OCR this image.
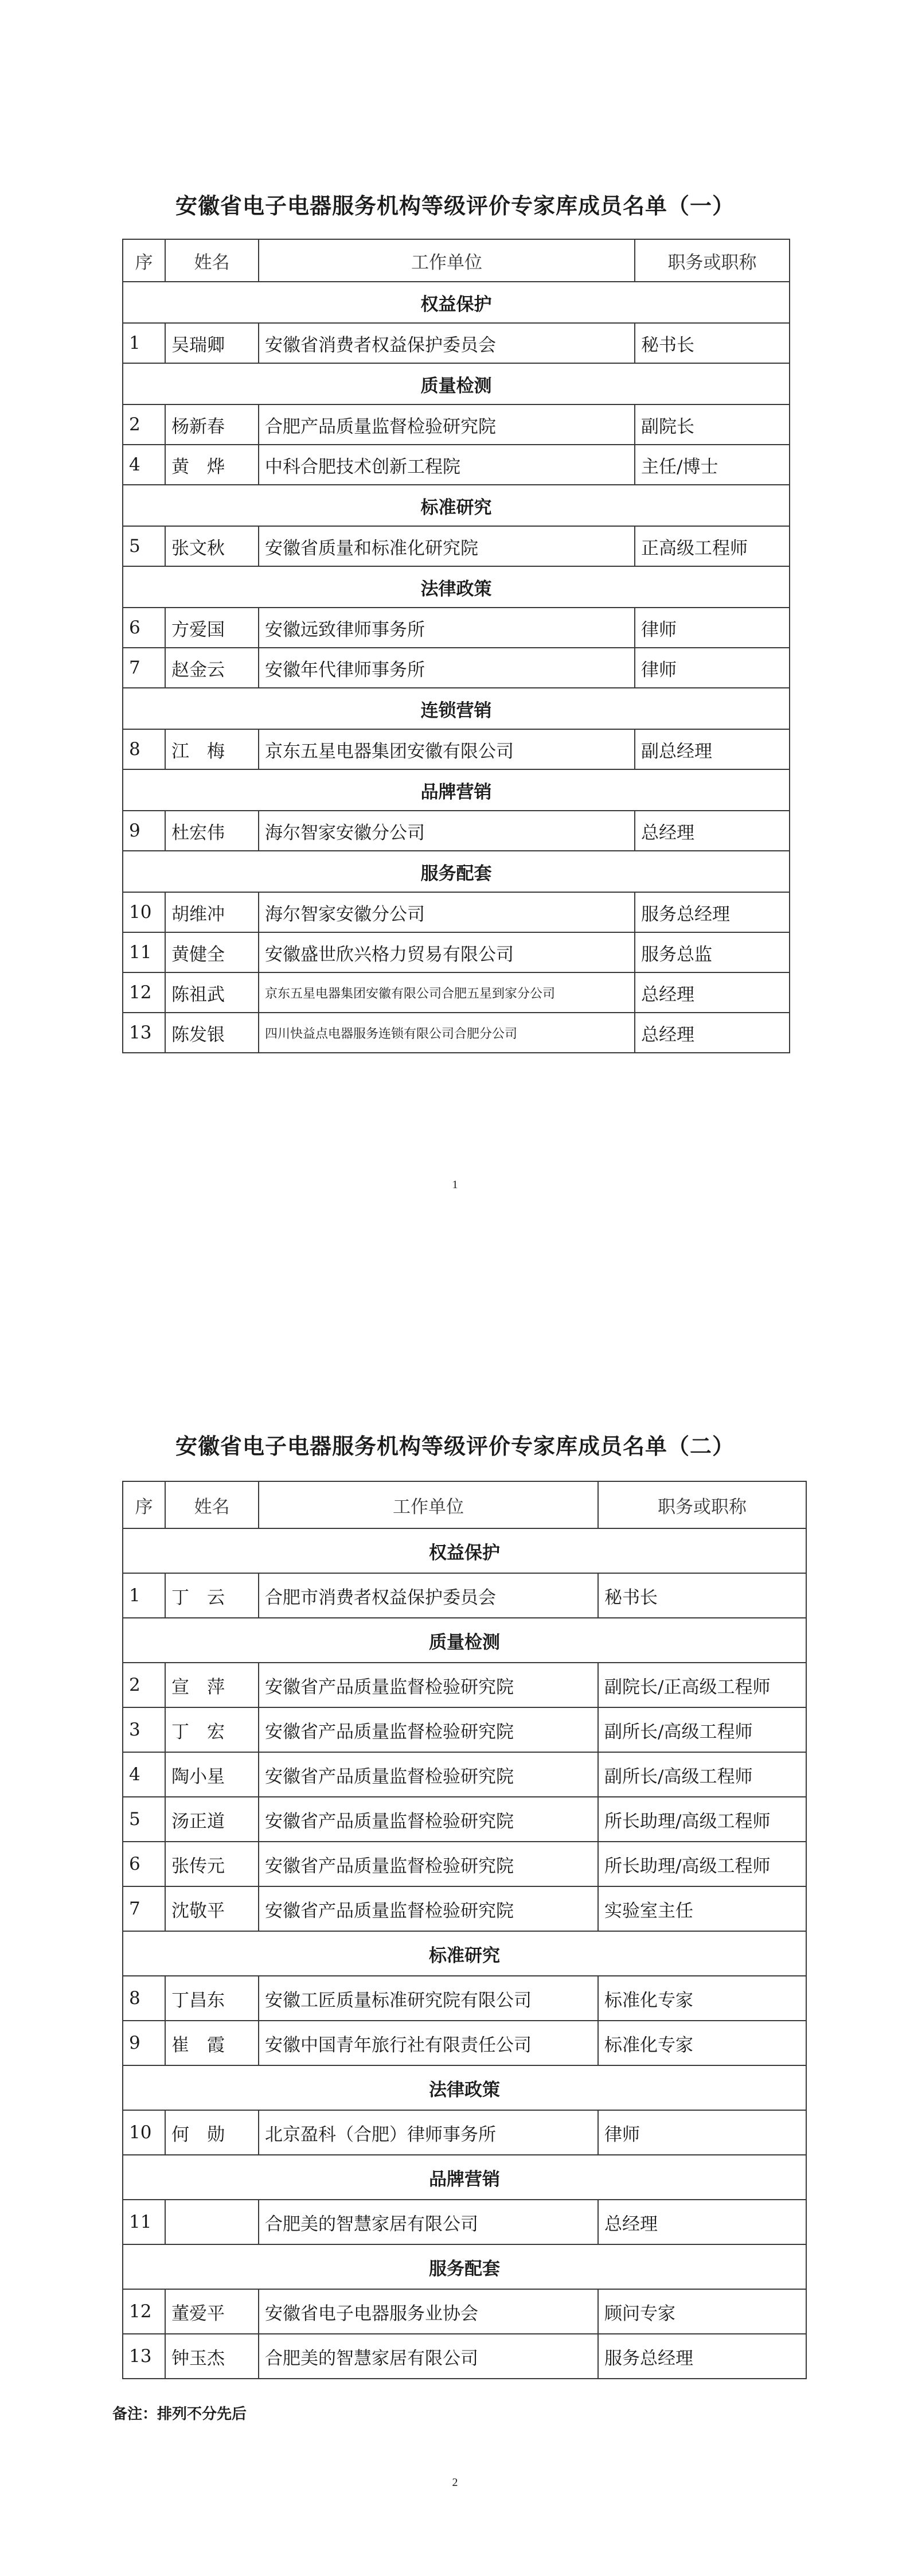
安徽省电子电器服务机构等级评价专家库成员名单（一）
序	姓名	工作单位	职务或职称
权益保护			
1	吴瑞卿	安徽省消费者权益保护委员会	秘书长
质量检测			
2	杨新春	合肥产品质量监督检验研究院	副院长
4	黄　烨	中科合肥技术创新工程院	主任/博士
标准研究			
5	张文秋	安徽省质量和标准化研究院	正高级工程师
法律政策			
6	方爱国	安徽远致律师事务所	律师
7	赵金云	安徽年代律师事务所	律师
连锁营销			
8	江　梅	京东五星电器集团安徽有限公司	副总经理
品牌营销			
9	杜宏伟	海尔智家安徽分公司	总经理
服务配套			
10	胡维冲	海尔智家安徽分公司	服务总经理
11	黄健全	安徽盛世欣兴格力贸易有限公司	服务总监
12	陈祖武	京东五星电器集团安徽有限公司合肥五星到家分公司	总经理
13	陈发银	四川快益点电器服务连锁有限公司合肥分公司	总经理
1
安徽省电子电器服务机构等级评价专家库成员名单（二）
序	姓名	工作单位	职务或职称
权益保护			
1	丁　云	合肥市消费者权益保护委员会	秘书长
质量检测			
2	宣　萍	安徽省产品质量监督检验研究院	副院长/正高级工程师
3	丁　宏	安徽省产品质量监督检验研究院	副所长/高级工程师
4	陶小星	安徽省产品质量监督检验研究院	副所长/高级工程师
5	汤正道	安徽省产品质量监督检验研究院	所长助理/高级工程师
6	张传元	安徽省产品质量监督检验研究院	所长助理/高级工程师
7	沈敬平	安徽省产品质量监督检验研究院	实验室主任
标准研究			
8	丁昌东	安徽工匠质量标准研究院有限公司	标准化专家
9	崔　霞	安徽中国青年旅行社有限责任公司	标准化专家
法律政策			
10	何　勋	北京盈科（合肥）律师事务所	律师
品牌营销			
11		合肥美的智慧家居有限公司	总经理
服务配套			
12	董爱平	安徽省电子电器服务业协会	顾问专家
13	钟玉杰	合肥美的智慧家居有限公司	服务总经理
备注：排列不分先后
2
